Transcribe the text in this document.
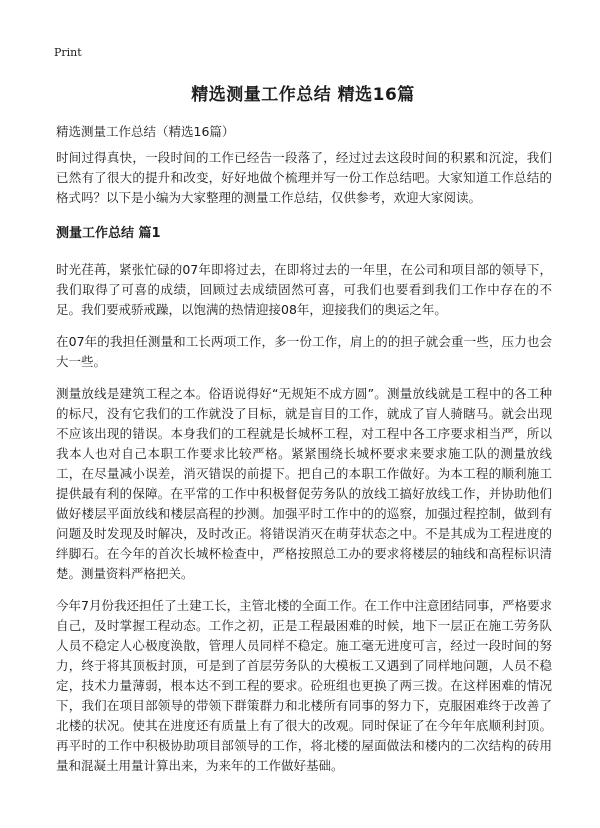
Print
精选测量工作总结 精选16篇
精选测量工作总结（精选16篇）

时间过得真快，一段时间的工作已经告一段落了，经过过去这段时间的积累和沉淀，我们已然有了很大的提升和改变，好好地做个梳理并写一份工作总结吧。大家知道工作总结的格式吗？以下是小编为大家整理的测量工作总结，仅供参考，欢迎大家阅读。

测量工作总结 篇1

时光荏苒，紧张忙碌的07年即将过去，在即将过去的一年里，在公司和项目部的领导下，我们取得了可喜的成绩，回顾过去成绩固然可喜，可我们也要看到我们工作中存在的不足。我们要戒骄戒躁，以饱满的热情迎接08年，迎接我们的奥运之年。

在07年的我担任测量和工长两项工作，多一份工作，肩上的的担子就会重一些，压力也会大一些。

测量放线是建筑工程之本。俗语说得好“无规矩不成方圆”。测量放线就是工程中的各工种的标尺，没有它我们的工作就没了目标，就是盲目的工作，就成了盲人骑瞎马。就会出现不应该出现的错误。本身我们的工程就是长城杯工程，对工程中各工序要求相当严，所以我本人也对自己本职工作要求比较严格。紧紧围绕长城杯要求来要求施工队的测量放线工，在尽量减小误差，消灭错误的前提下。把自己的本职工作做好。为本工程的顺利施工提供最有利的保障。在平常的工作中积极督促劳务队的放线工搞好放线工作，并协助他们做好楼层平面放线和楼层高程的抄测。加强平时工作中的的巡察，加强过程控制，做到有问题及时发现及时解决，及时改正。将错误消灭在萌芽状态之中。不是其成为工程进度的绊脚石。在今年的首次长城杯检查中，严格按照总工办的要求将楼层的轴线和高程标识清楚。测量资料严格把关。

今年7月份我还担任了土建工长，主管北楼的全面工作。在工作中注意团结同事，严格要求自己，及时掌握工程动态。工作之初，正是工程最困难的时候，地下一层正在施工劳务队人员不稳定人心极度涣散，管理人员同样不稳定。施工毫无进度可言，经过一段时间的努力，终于将其顶板封顶，可是到了首层劳务队的大模板工又遇到了同样地问题，人员不稳定，技术力量薄弱，根本达不到工程的要求。砼班组也更换了两三拨。在这样困难的情况下，我们在项目部领导的带领下群策群力和北楼所有同事的努力下，克服困难终于改善了北楼的状况。使其在进度还有质量上有了很大的改观。同时保证了在今年年底顺利封顶。再平时的工作中积极协助项目部领导的工作，将北楼的屋面做法和楼内的二次结构的砖用量和混凝土用量计算出来，为来年的工作做好基础。
